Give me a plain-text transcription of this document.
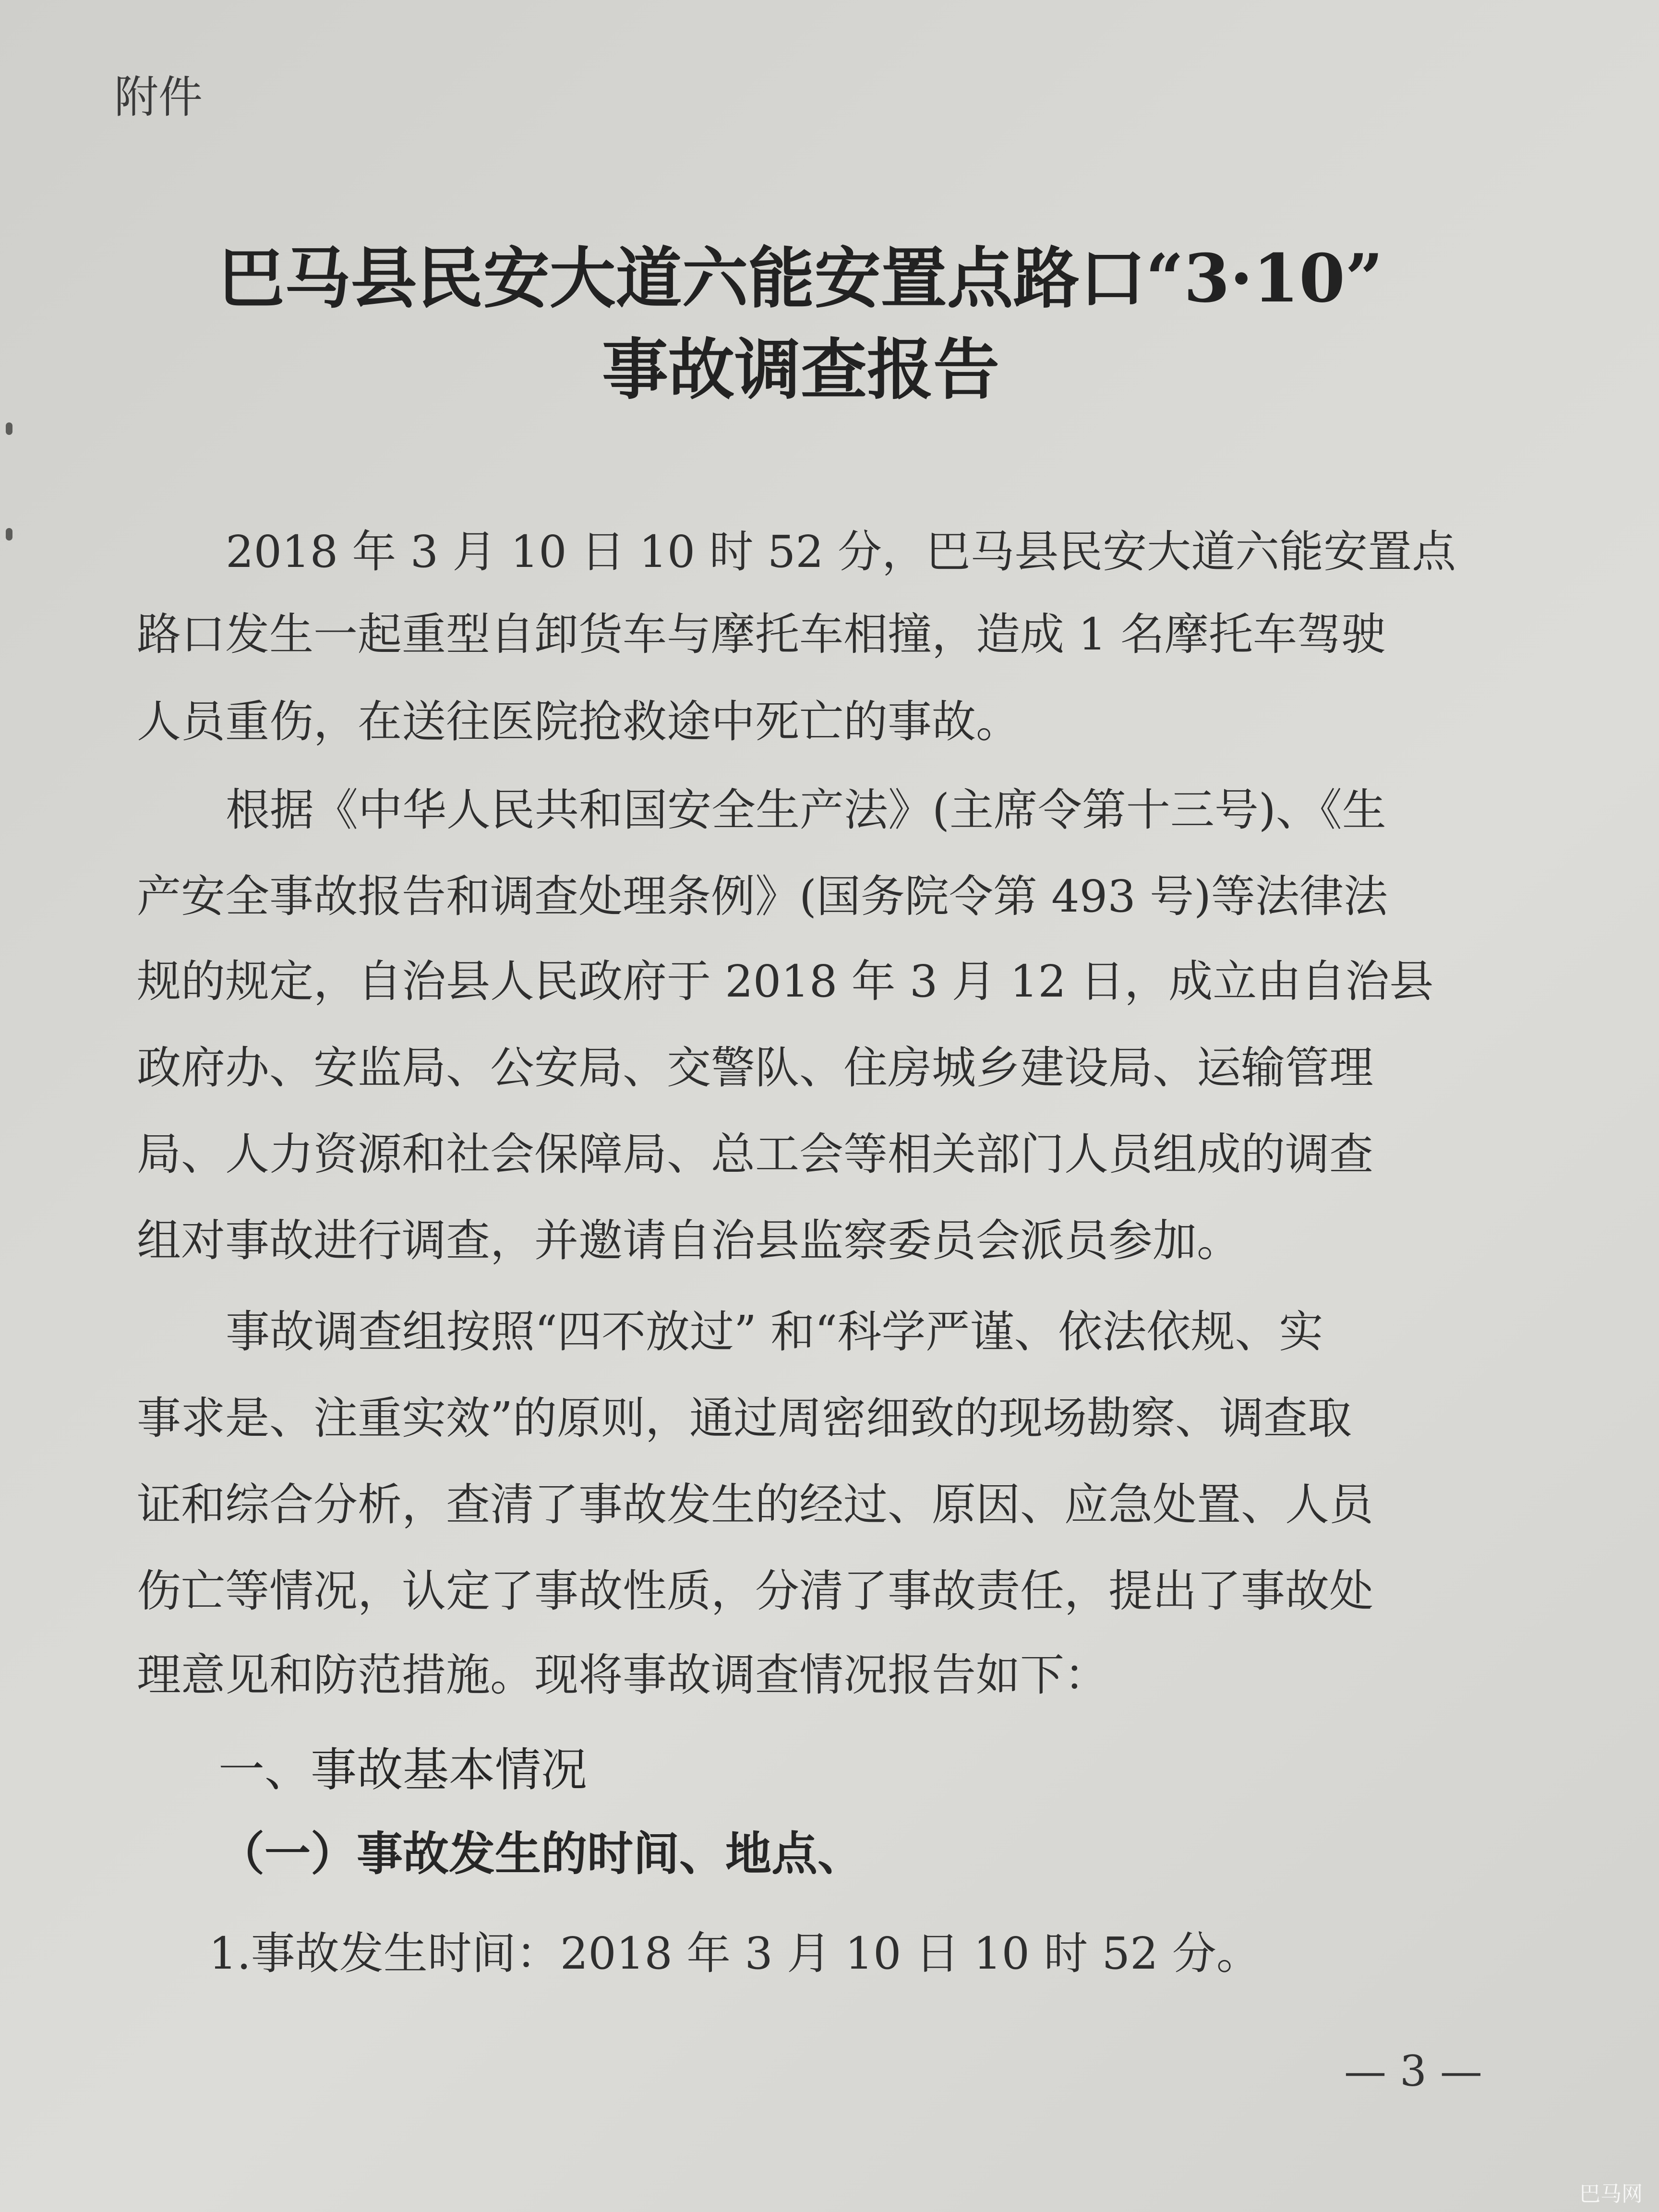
附件
巴马县民安大道六能安置点路口“3·10”
事故调查报告
2018 年 3 月 10 日 10 时 52 分，巴马县民安大道六能安置点
路口发生一起重型自卸货车与摩托车相撞，造成 1 名摩托车驾驶
人员重伤，在送往医院抢救途中死亡的事故。
根据《中华人民共和国安全生产法》(主席令第十三号)、《生
产安全事故报告和调查处理条例》(国务院令第 493 号)等法律法
规的规定，自治县人民政府于 2018 年 3 月 12 日，成立由自治县
政府办、安监局、公安局、交警队、住房城乡建设局、运输管理
局、人力资源和社会保障局、总工会等相关部门人员组成的调查
组对事故进行调查，并邀请自治县监察委员会派员参加。
事故调查组按照“四不放过” 和“科学严谨、依法依规、实
事求是、注重实效”的原则，通过周密细致的现场勘察、调查取
证和综合分析，查清了事故发生的经过、原因、应急处置、人员
伤亡等情况，认定了事故性质，分清了事故责任，提出了事故处
理意见和防范措施。现将事故调查情况报告如下：
一、事故基本情况
（一）事故发生的时间、地点、
1.事故发生时间：2018 年 3 月 10 日 10 时 52 分。
— 3 —
巴马网
